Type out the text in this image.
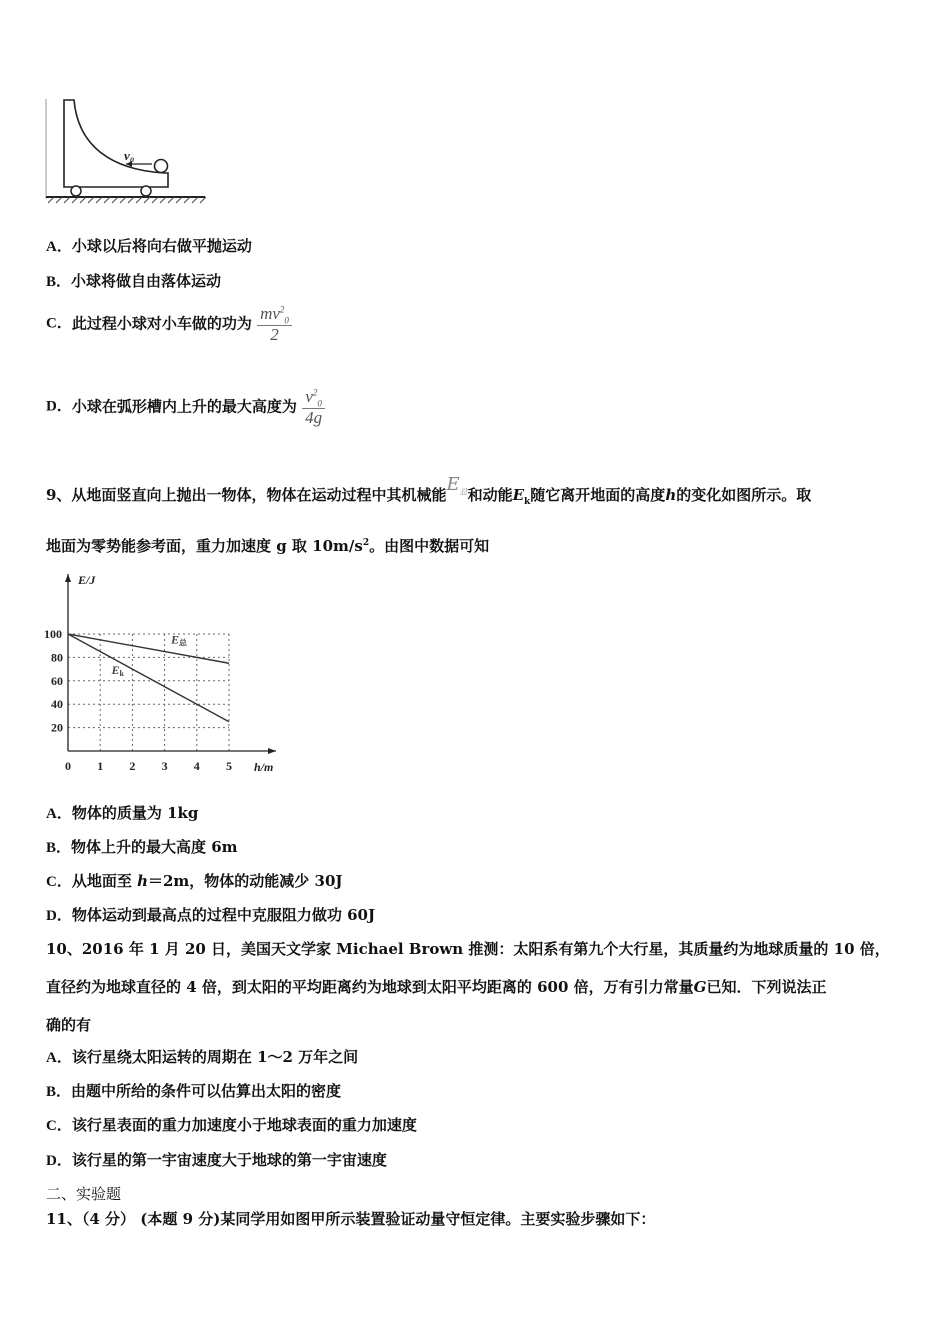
v₀
A．小球以后将向右做平抛运动
B．小球将做自由落体运动
C．此过程小球对小车做的功为 $\frac{mv^2_0}{2}$
D．小球在弧形槽内上升的最大高度为 $\frac{v^2_0}{4g}$
9、从地面竖直向上抛出一物体，物体在运动过程中其机械能$E_总$和动能$E_k$随它离开地面的高度h的变化如图所示。取
地面为零势能参考面，重力加速度 g 取 $10m/s^2$。由图中数据可知
0 1 2 3 4 5
20
40
60
80
100
E/J
h/m
E总
Ek
A．物体的质量为 1kg
B．物体上升的最大高度 6m
C．从地面至 h＝2m，物体的动能减少 30J
D．物体运动到最高点的过程中克服阻力做功 60J
10、2016 年 1 月 20 日，美国天文学家 Michael Brown 推测：太阳系有第九个大行星，其质量约为地球质量的 10 倍，
直径约为地球直径的 4 倍，到太阳的平均距离约为地球到太阳平均距离的 600 倍，万有引力常量G已知．下列说法正
确的有
A．该行星绕太阳运转的周期在 1～2 万年之间
B．由题中所给的条件可以估算出太阳的密度
C．该行星表面的重力加速度小于地球表面的重力加速度
D．该行星的第一宇宙速度大于地球的第一宇宙速度
二、实验题
11、（4 分） (本题 9 分)某同学用如图甲所示装置验证动量守恒定律。主要实验步骤如下：
